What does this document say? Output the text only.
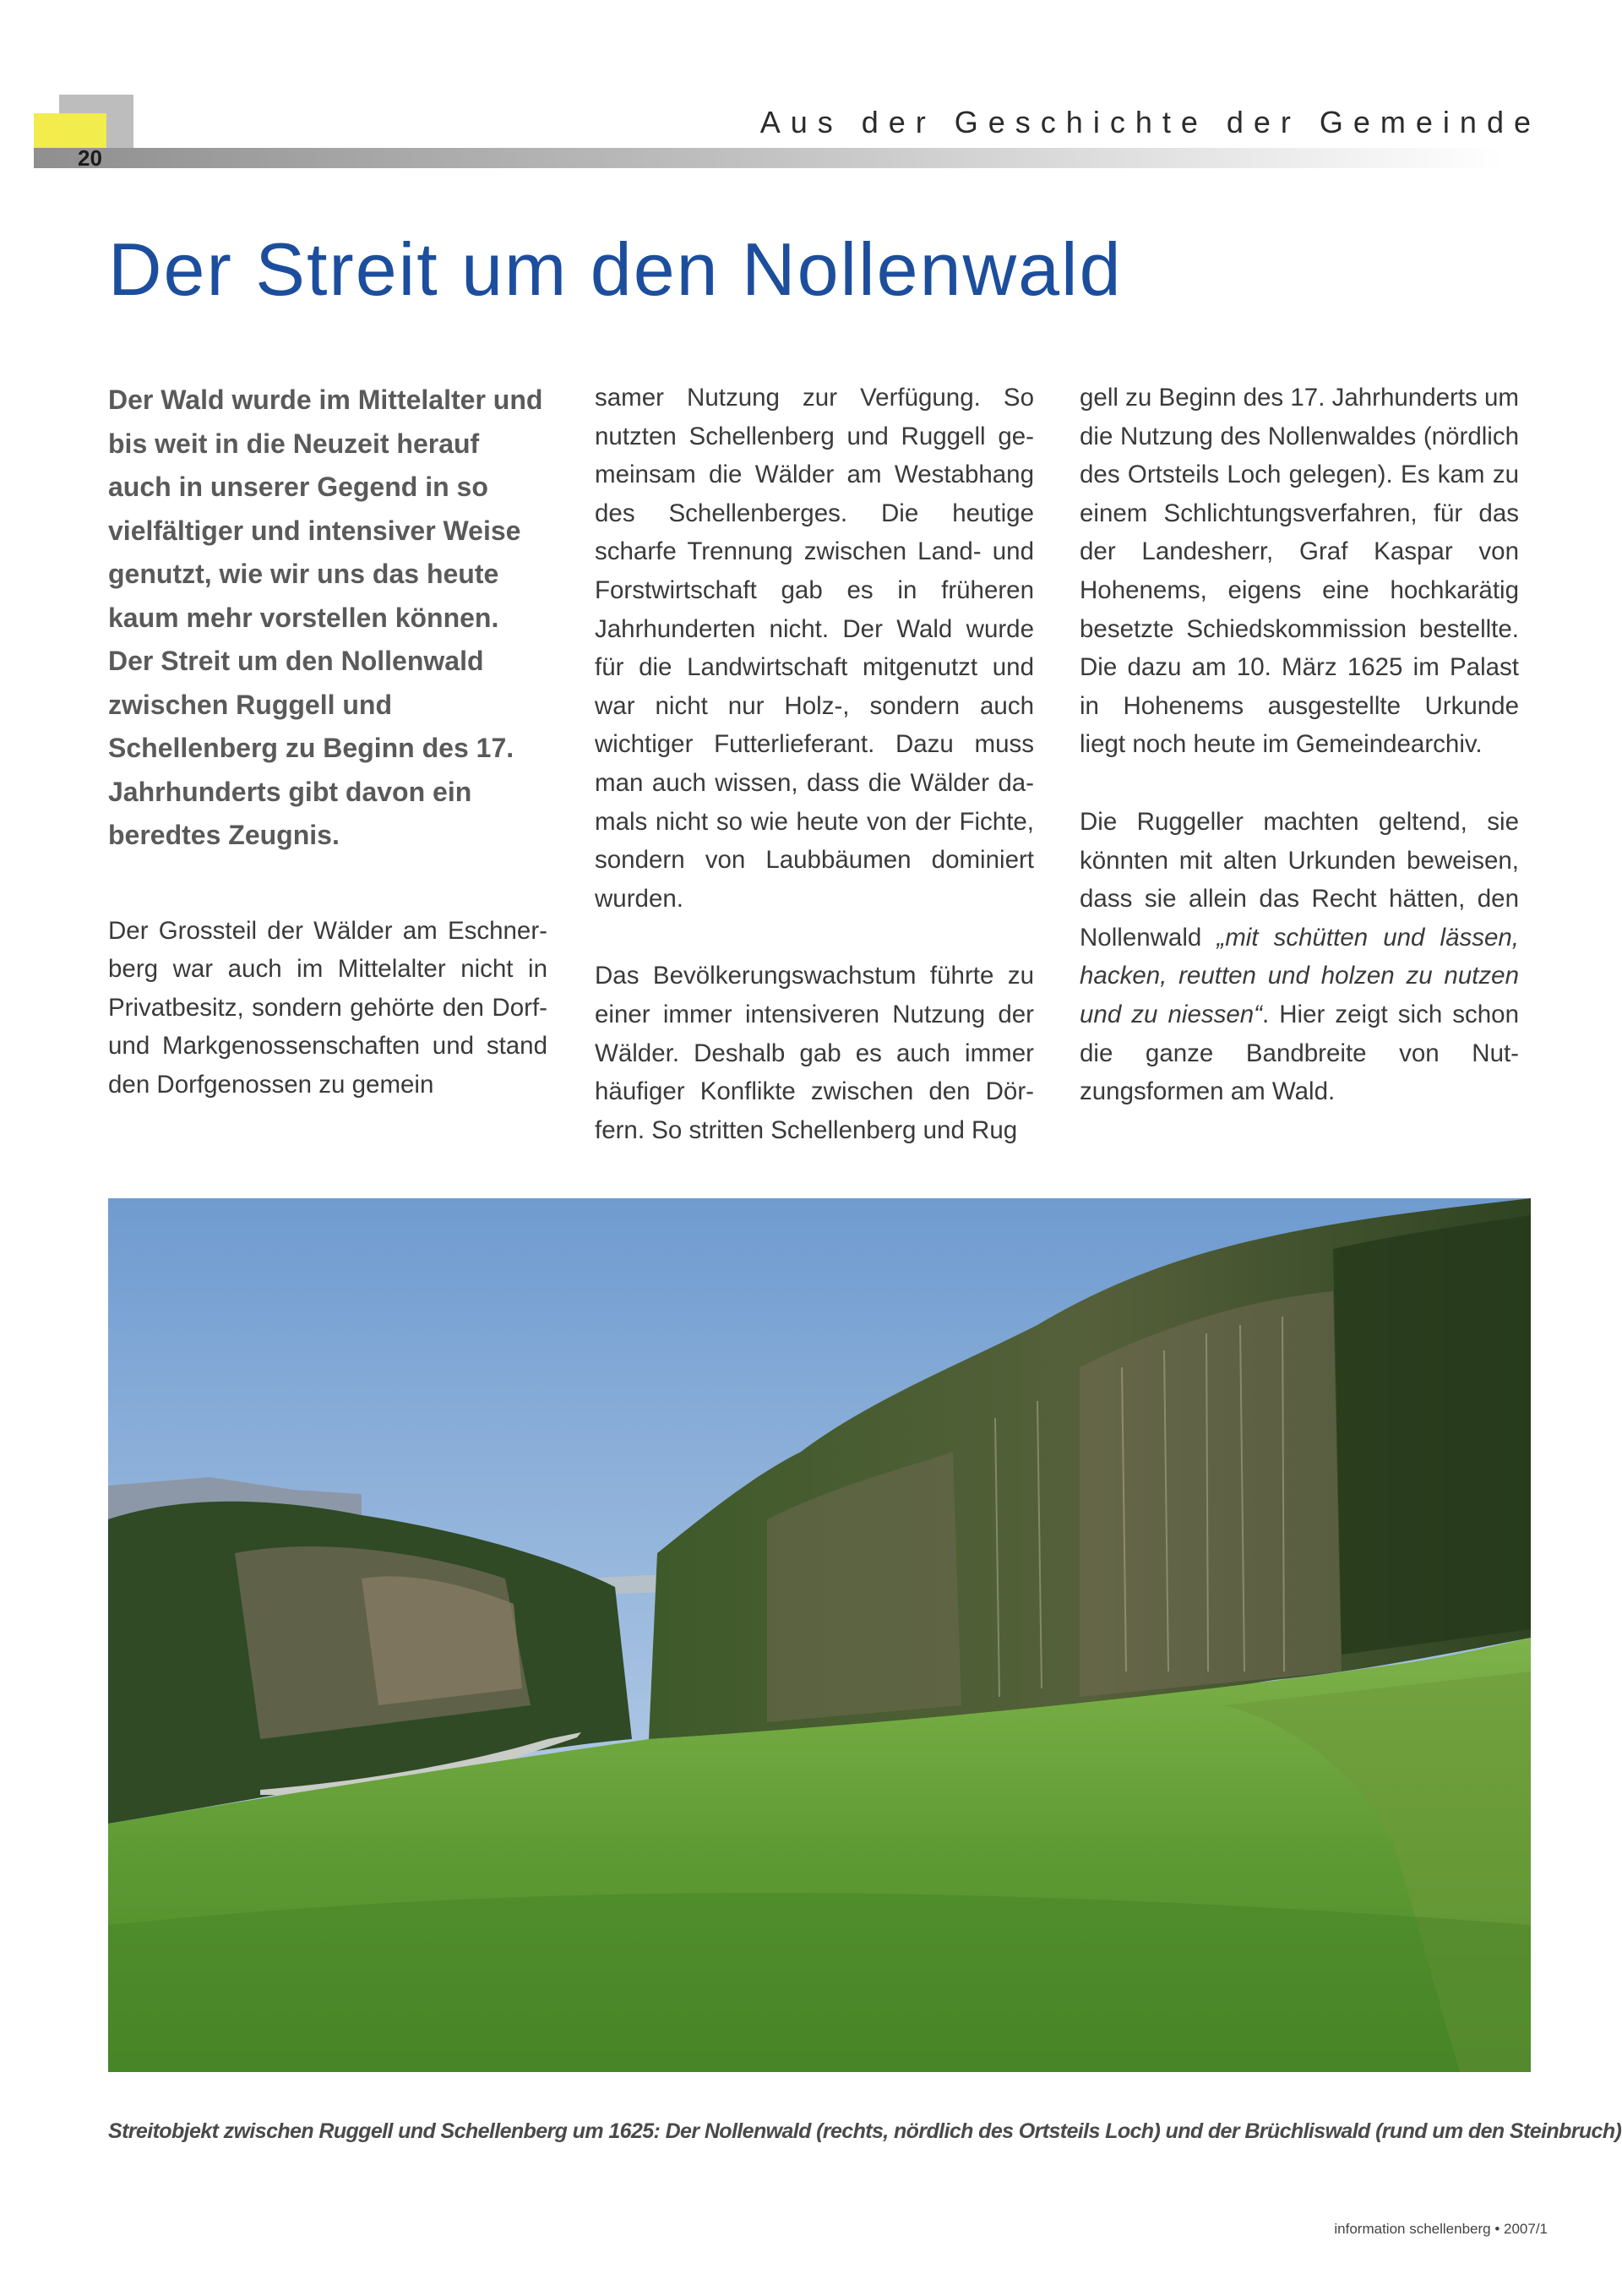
20
Aus der Geschichte der Gemeinde
Der Streit um den Nollenwald

Der Wald wurde im Mittelalter und bis weit in die Neuzeit herauf auch in unserer Gegend in so vielfältiger und intensiver Weise genutzt, wie wir uns das heute kaum mehr vorstellen können. Der Streit um den Nollenwald zwischen Ruggell und Schellenberg zu Beginn des 17. Jahrhunderts gibt davon ein beredtes Zeugnis.

Der Grossteil der Wälder am Eschnerberg war auch im Mittelalter nicht in Privatbesitz, sondern gehörte den Dorf- und Markgenossenschaften und stand den Dorfgenossen zu gemein

samer Nutzung zur Verfügung. So nutzten Schellenberg und Ruggell gemeinsam die Wälder am Westabhang des Schellenberges. Die heutige scharfe Trennung zwischen Land- und Forstwirtschaft gab es in früheren Jahrhunderten nicht. Der Wald wurde für die Landwirtschaft mitgenutzt und war nicht nur Holz-, sondern auch wichtiger Futterlieferant. Dazu muss man auch wissen, dass die Wälder damals nicht so wie heute von der Fichte, sondern von Laubbäumen dominiert wurden.

Das Bevölkerungswachstum führte zu einer immer intensiveren Nutzung der Wälder. Deshalb gab es auch immer häufiger Konflikte zwischen den Dörfern. So stritten Schellenberg und Rug

gell zu Beginn des 17. Jahrhunderts um die Nutzung des Nollenwaldes (nördlich des Ortsteils Loch gelegen). Es kam zu einem Schlichtungsverfahren, für das der Landesherr, Graf Kaspar von Hohenems, eigens eine hochkarätig besetzte Schiedskommission bestellte. Die dazu am 10. März 1625 im Palast in Hohenems ausgestellte Urkunde liegt noch heute im Gemeindearchiv.

Die Ruggeller machten geltend, sie könnten mit alten Urkunden beweisen, dass sie allein das Recht hätten, den Nollenwald „mit schütten und lässen, hacken, reutten und holzen zu nutzen und zu niessen“. Hier zeigt sich schon die ganze Bandbreite von Nutzungsformen am Wald.

Streitobjekt zwischen Ruggell und Schellenberg um 1625: Der Nollenwald (rechts, nördlich des Ortsteils Loch) und der Brüchliswald (rund um den Steinbruch)
information schellenberg • 2007/1
